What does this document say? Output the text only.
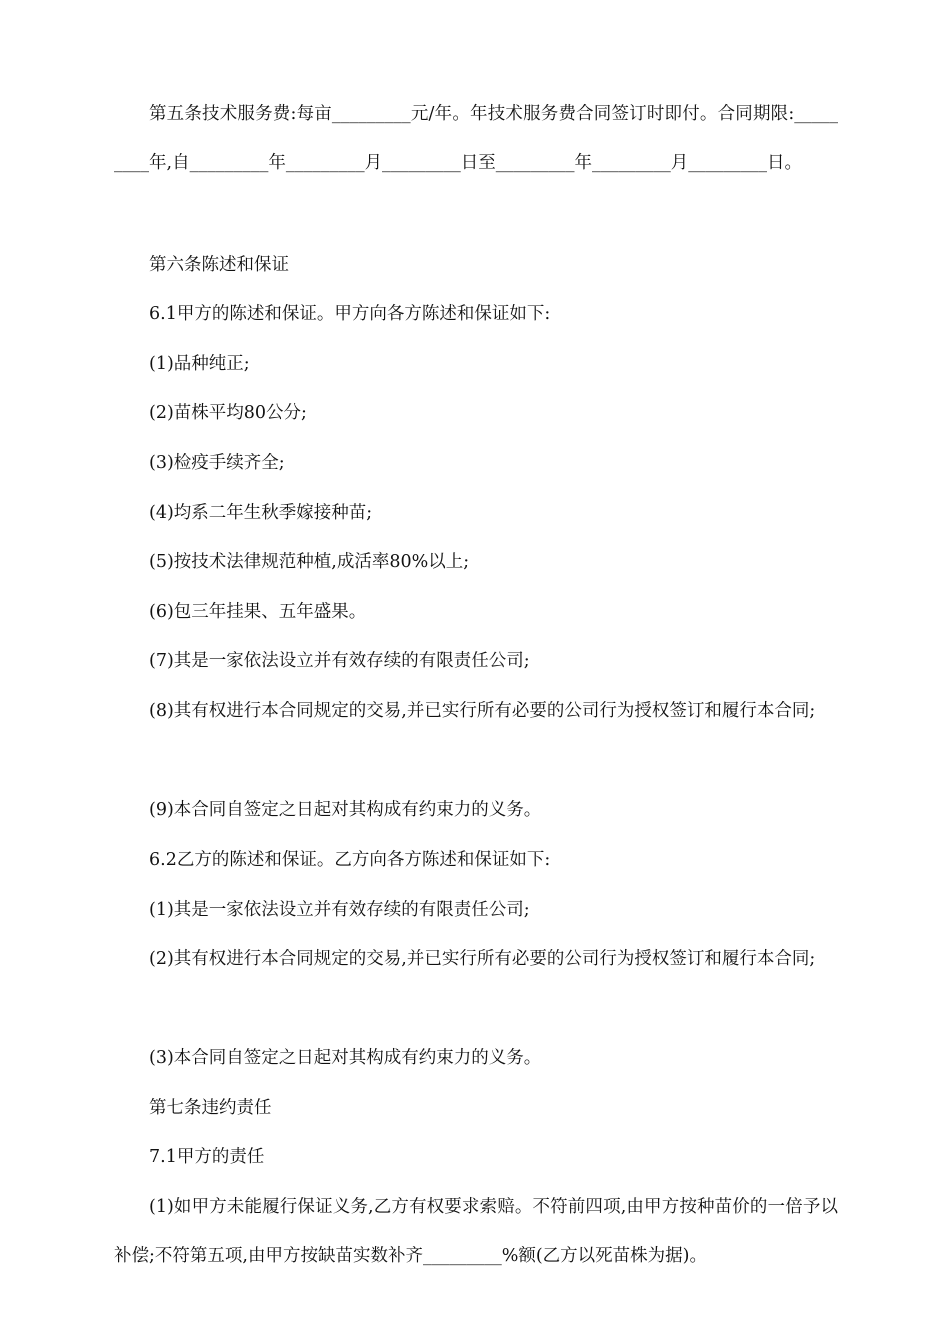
第五条技术服务费:每亩_________元/年。年技术服务费合同签订时即付。合同期限:_________年,自_________年_________月_________日至_________年_________月_________日。

第六条陈述和保证

6.1甲方的陈述和保证。甲方向各方陈述和保证如下:

(1)品种纯正;

(2)苗株平均80公分;

(3)检疫手续齐全;

(4)均系二年生秋季嫁接种苗;

(5)按技术法律规范种植,成活率80%以上;

(6)包三年挂果、五年盛果。

(7)其是一家依法设立并有效存续的有限责任公司;

(8)其有权进行本合同规定的交易,并已实行所有必要的公司行为授权签订和履行本合同;

(9)本合同自签定之日起对其构成有约束力的义务。

6.2乙方的陈述和保证。乙方向各方陈述和保证如下:

(1)其是一家依法设立并有效存续的有限责任公司;

(2)其有权进行本合同规定的交易,并已实行所有必要的公司行为授权签订和履行本合同;

(3)本合同自签定之日起对其构成有约束力的义务。

第七条违约责任

7.1甲方的责任

(1)如甲方未能履行保证义务,乙方有权要求索赔。不符前四项,由甲方按种苗价的一倍予以补偿;不符第五项,由甲方按缺苗实数补齐_________%额(乙方以死苗株为据)。
